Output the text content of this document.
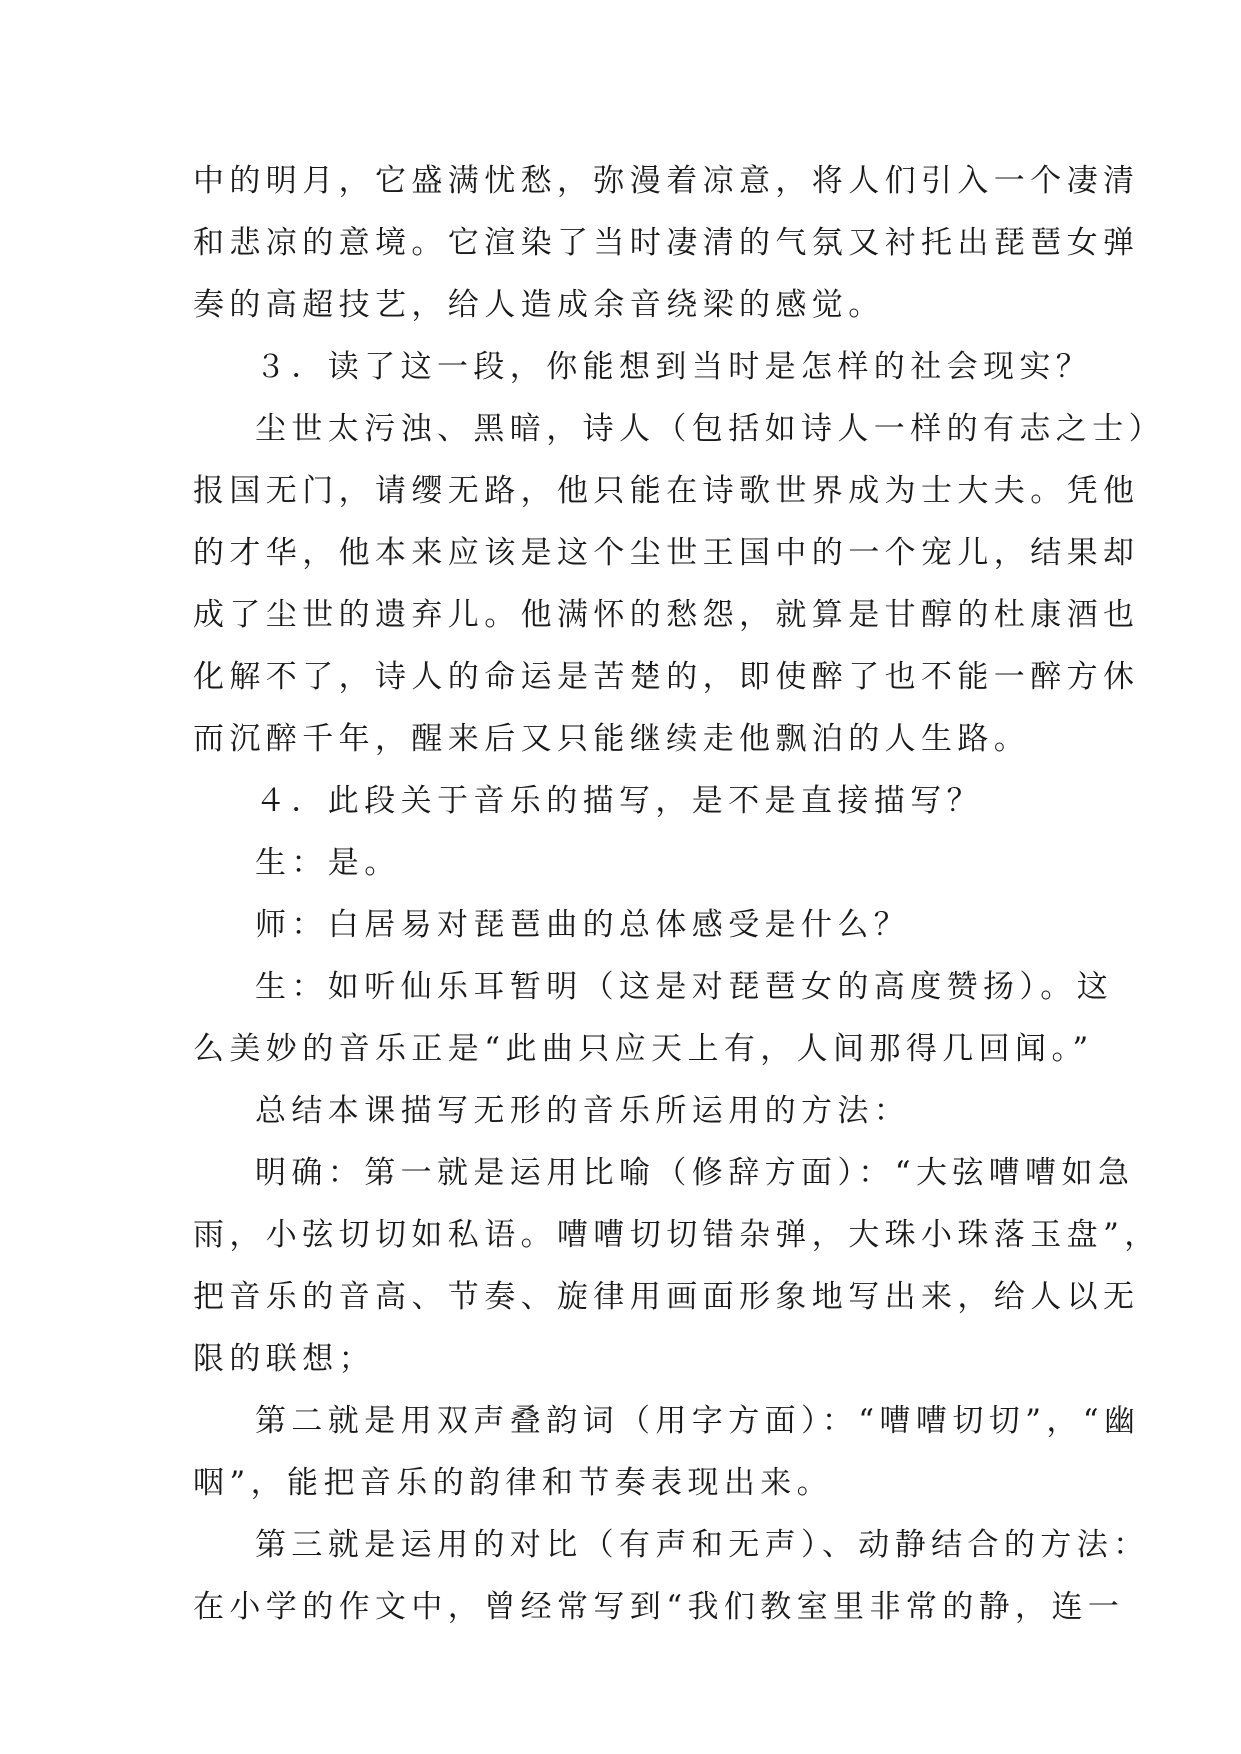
中的明月，它盛满忧愁，弥漫着凉意，将人们引入一个凄清
和悲凉的意境。它渲染了当时凄清的气氛又衬托出琵琶女弹
奏的高超技艺，给人造成余音绕梁的感觉。

３．读了这一段，你能想到当时是怎样的社会现实？

尘世太污浊、黑暗，诗人（包括如诗人一样的有志之士）
报国无门，请缨无路，他只能在诗歌世界成为士大夫。凭他
的才华，他本来应该是这个尘世王国中的一个宠儿，结果却
成了尘世的遗弃儿。他满怀的愁怨，就算是甘醇的杜康酒也
化解不了，诗人的命运是苦楚的，即使醉了也不能一醉方休
而沉醉千年，醒来后又只能继续走他飘泊的人生路。

４．此段关于音乐的描写，是不是直接描写？

生：是。

师：白居易对琵琶曲的总体感受是什么？

生：如听仙乐耳暂明（这是对琵琶女的高度赞扬）。这
么美妙的音乐正是“此曲只应天上有，人间那得几回闻。”

总结本课描写无形的音乐所运用的方法：

明确：第一就是运用比喻（修辞方面）：“大弦嘈嘈如急
雨，小弦切切如私语。嘈嘈切切错杂弹，大珠小珠落玉盘”，
把音乐的音高、节奏、旋律用画面形象地写出来，给人以无
限的联想；

第二就是用双声叠韵词（用字方面）：“嘈嘈切切”，“幽
咽”，能把音乐的韵律和节奏表现出来。

第三就是运用的对比（有声和无声）、动静结合的方法：
在小学的作文中，曾经常写到“我们教室里非常的静，连一
